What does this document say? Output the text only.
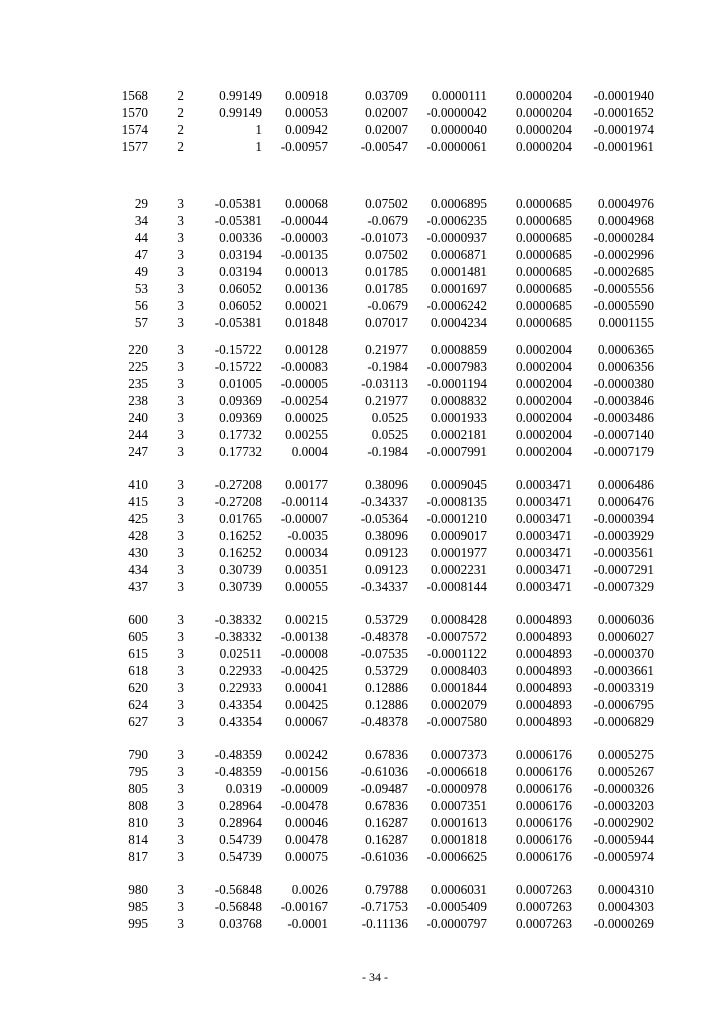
1568	2	0.99149	0.00918	0.03709	0.0000111	0.0000204	-0.0001940
1570	2	0.99149	0.00053	0.02007	-0.0000042	0.0000204	-0.0001652
1574	2	1	0.00942	0.02007	0.0000040	0.0000204	-0.0001974
1577	2	1	-0.00957	-0.00547	-0.0000061	0.0000204	-0.0001961
29	3	-0.05381	0.00068	0.07502	0.0006895	0.0000685	0.0004976
34	3	-0.05381	-0.00044	-0.0679	-0.0006235	0.0000685	0.0004968
44	3	0.00336	-0.00003	-0.01073	-0.0000937	0.0000685	-0.0000284
47	3	0.03194	-0.00135	0.07502	0.0006871	0.0000685	-0.0002996
49	3	0.03194	0.00013	0.01785	0.0001481	0.0000685	-0.0002685
53	3	0.06052	0.00136	0.01785	0.0001697	0.0000685	-0.0005556
56	3	0.06052	0.00021	-0.0679	-0.0006242	0.0000685	-0.0005590
57	3	-0.05381	0.01848	0.07017	0.0004234	0.0000685	0.0001155
220	3	-0.15722	0.00128	0.21977	0.0008859	0.0002004	0.0006365
225	3	-0.15722	-0.00083	-0.1984	-0.0007983	0.0002004	0.0006356
235	3	0.01005	-0.00005	-0.03113	-0.0001194	0.0002004	-0.0000380
238	3	0.09369	-0.00254	0.21977	0.0008832	0.0002004	-0.0003846
240	3	0.09369	0.00025	0.0525	0.0001933	0.0002004	-0.0003486
244	3	0.17732	0.00255	0.0525	0.0002181	0.0002004	-0.0007140
247	3	0.17732	0.0004	-0.1984	-0.0007991	0.0002004	-0.0007179
410	3	-0.27208	0.00177	0.38096	0.0009045	0.0003471	0.0006486
415	3	-0.27208	-0.00114	-0.34337	-0.0008135	0.0003471	0.0006476
425	3	0.01765	-0.00007	-0.05364	-0.0001210	0.0003471	-0.0000394
428	3	0.16252	-0.0035	0.38096	0.0009017	0.0003471	-0.0003929
430	3	0.16252	0.00034	0.09123	0.0001977	0.0003471	-0.0003561
434	3	0.30739	0.00351	0.09123	0.0002231	0.0003471	-0.0007291
437	3	0.30739	0.00055	-0.34337	-0.0008144	0.0003471	-0.0007329
600	3	-0.38332	0.00215	0.53729	0.0008428	0.0004893	0.0006036
605	3	-0.38332	-0.00138	-0.48378	-0.0007572	0.0004893	0.0006027
615	3	0.02511	-0.00008	-0.07535	-0.0001122	0.0004893	-0.0000370
618	3	0.22933	-0.00425	0.53729	0.0008403	0.0004893	-0.0003661
620	3	0.22933	0.00041	0.12886	0.0001844	0.0004893	-0.0003319
624	3	0.43354	0.00425	0.12886	0.0002079	0.0004893	-0.0006795
627	3	0.43354	0.00067	-0.48378	-0.0007580	0.0004893	-0.0006829
790	3	-0.48359	0.00242	0.67836	0.0007373	0.0006176	0.0005275
795	3	-0.48359	-0.00156	-0.61036	-0.0006618	0.0006176	0.0005267
805	3	0.0319	-0.00009	-0.09487	-0.0000978	0.0006176	-0.0000326
808	3	0.28964	-0.00478	0.67836	0.0007351	0.0006176	-0.0003203
810	3	0.28964	0.00046	0.16287	0.0001613	0.0006176	-0.0002902
814	3	0.54739	0.00478	0.16287	0.0001818	0.0006176	-0.0005944
817	3	0.54739	0.00075	-0.61036	-0.0006625	0.0006176	-0.0005974
980	3	-0.56848	0.0026	0.79788	0.0006031	0.0007263	0.0004310
985	3	-0.56848	-0.00167	-0.71753	-0.0005409	0.0007263	0.0004303
995	3	0.03768	-0.0001	-0.11136	-0.0000797	0.0007263	-0.0000269
- 34 -
